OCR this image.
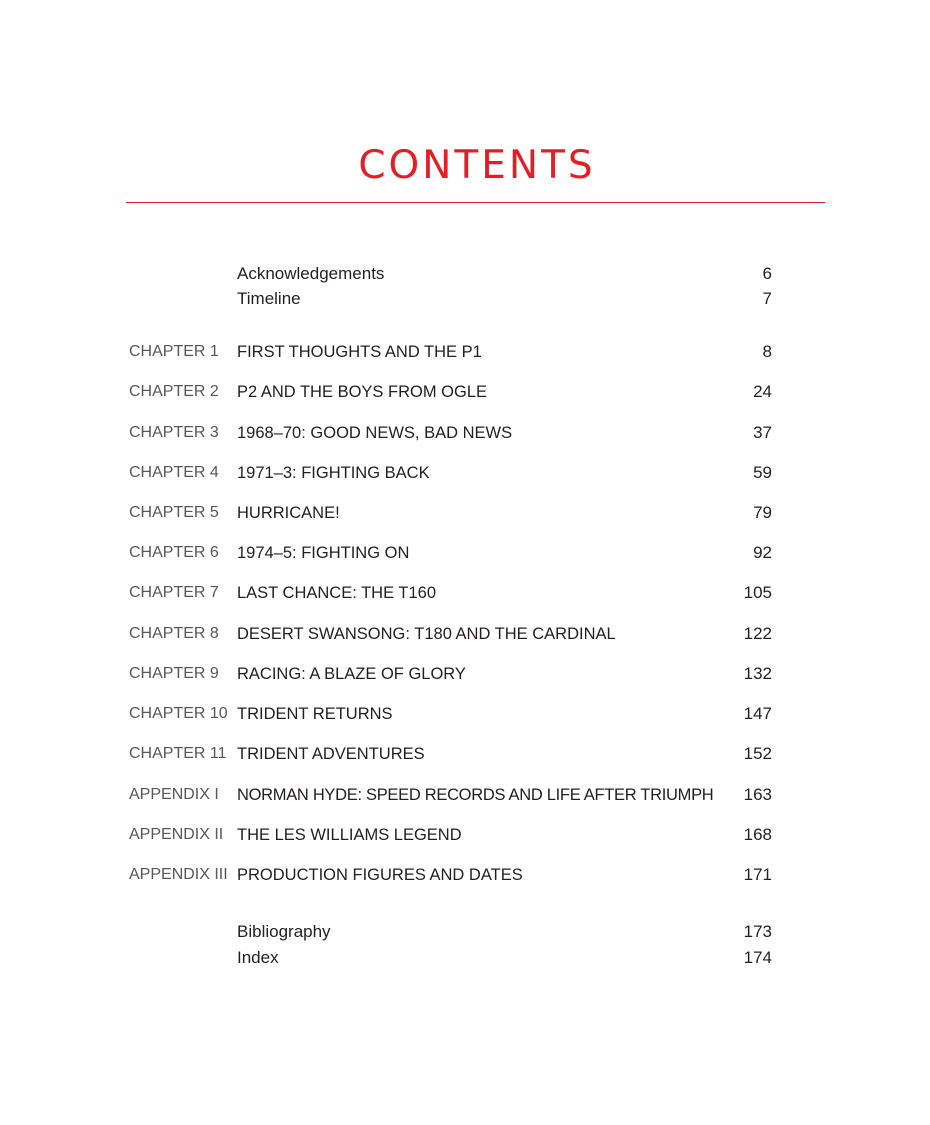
CONTENTS
Acknowledgements	6
Timeline	7
CHAPTER 1 FIRST THOUGHTS AND THE P1	8
CHAPTER 2 P2 AND THE BOYS FROM OGLE	24
CHAPTER 3 1968–70: GOOD NEWS, BAD NEWS	37
CHAPTER 4 1971–3: FIGHTING BACK	59
CHAPTER 5 HURRICANE!	79
CHAPTER 6 1974–5: FIGHTING ON	92
CHAPTER 7 LAST CHANCE: THE T160	105
CHAPTER 8 DESERT SWANSONG: T180 AND THE CARDINAL	122
CHAPTER 9 RACING: A BLAZE OF GLORY	132
CHAPTER 10 TRIDENT RETURNS	147
CHAPTER 11 TRIDENT ADVENTURES	152
APPENDIX I NORMAN HYDE: SPEED RECORDS AND LIFE AFTER TRIUMPH 163
APPENDIX II THE LES WILLIAMS LEGEND	168
APPENDIX III PRODUCTION FIGURES AND DATES	171
Bibliography	173
Index	174
